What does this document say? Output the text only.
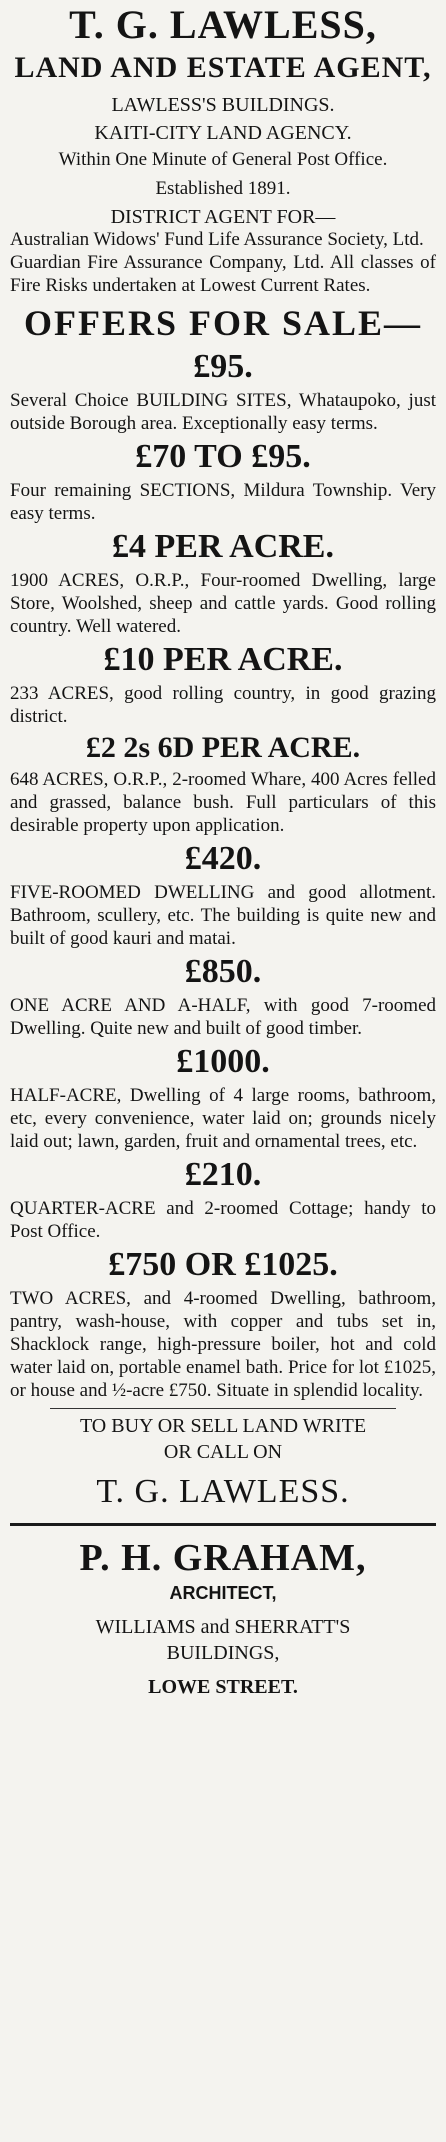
T. G. LAWLESS,

LAND AND ESTATE AGENT,

LAWLESS'S BUILDINGS.

KAITI-CITY LAND AGENCY.

Within One Minute of General Post Office.

Established 1891.

DISTRICT AGENT FOR—

Australian Widows' Fund Life Assurance Society, Ltd.

Guardian Fire Assurance Company, Ltd. All classes of Fire Risks undertaken at Lowest Current Rates.

OFFERS FOR SALE—

£95.

Several Choice BUILDING SITES, Whataupoko, just outside Borough area. Exceptionally easy terms.

£70 TO £95.

Four remaining SECTIONS, Mildura Township. Very easy terms.

£4 PER ACRE.

1900 ACRES, O.R.P., Four-roomed Dwelling, large Store, Woolshed, sheep and cattle yards. Good rolling country. Well watered.

£10 PER ACRE.

233 ACRES, good rolling country, in good grazing district.

£2 2s 6D PER ACRE.

648 ACRES, O.R.P., 2-roomed Whare, 400 Acres felled and grassed, balance bush. Full particulars of this desirable property upon application.

£420.

FIVE-ROOMED DWELLING and good allotment. Bathroom, scullery, etc. The building is quite new and built of good kauri and matai.

£850.

ONE ACRE AND A-HALF, with good 7-roomed Dwelling. Quite new and built of good timber.

£1000.

HALF-ACRE, Dwelling of 4 large rooms, bathroom, etc, every convenience, water laid on; grounds nicely laid out; lawn, garden, fruit and ornamental trees, etc.

£210.

QUARTER-ACRE and 2-roomed Cottage; handy to Post Office.

£750 OR £1025.

TWO ACRES, and 4-roomed Dwelling, bathroom, pantry, wash-house, with copper and tubs set in, Shacklock range, high-pressure boiler, hot and cold water laid on, portable enamel bath. Price for lot £1025, or house and ½-acre £750. Situate in splendid locality.

TO BUY OR SELL LAND WRITE

OR CALL ON

T. G. LAWLESS.

P. H. GRAHAM,

ARCHITECT,

WILLIAMS and SHERRATT'S

BUILDINGS,

LOWE STREET.
